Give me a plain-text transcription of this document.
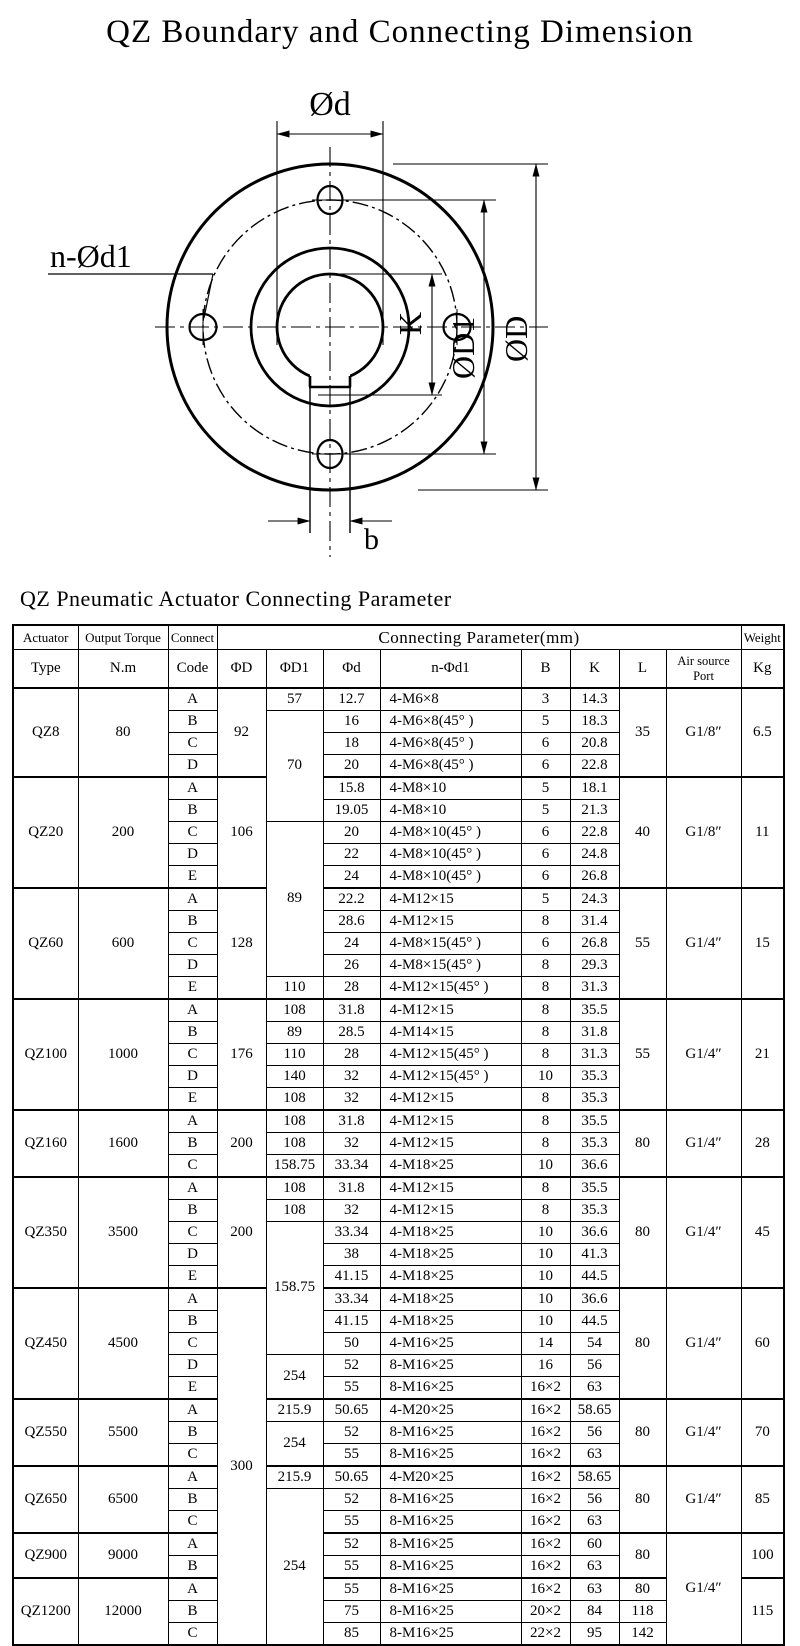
QZ Boundary and Connecting Dimension
Ød
K ØD1 ØD
n-Ød1
b
QZ Pneumatic Actuator Connecting Parameter
Actuator	Output Torque	Connect	Connecting Parameter(mm)								Weight
Type	N.m	Code	ΦD	ΦD1	Φd	n-Φd1	B	K	L	Air source Port	Kg
QZ8	80	A	92	57	12.7	4-M6×8	3	14.3	35	G1/8″	6.5
		B		70	16	4-M6×8(45° )	5	18.3			
		C			18	4-M6×8(45° )	6	20.8			
		D			20	4-M6×8(45° )	6	22.8			
QZ20	200	A	106		15.8	4-M8×10	5	18.1	40	G1/8″	11
		B			19.05	4-M8×10	5	21.3			
		C		89	20	4-M8×10(45° )	6	22.8			
		D			22	4-M8×10(45° )	6	24.8			
		E			24	4-M8×10(45° )	6	26.8			
QZ60	600	A	128		22.2	4-M12×15	5	24.3	55	G1/4″	15
		B			28.6	4-M12×15	8	31.4			
		C			24	4-M8×15(45° )	6	26.8			
		D			26	4-M8×15(45° )	8	29.3			
		E		110	28	4-M12×15(45° )	8	31.3			
QZ100	1000	A	176	108	31.8	4-M12×15	8	35.5	55	G1/4″	21
		B		89	28.5	4-M14×15	8	31.8			
		C		110	28	4-M12×15(45° )	8	31.3			
		D		140	32	4-M12×15(45° )	10	35.3			
		E		108	32	4-M12×15	8	35.3			
QZ160	1600	A	200	108	31.8	4-M12×15	8	35.5	80	G1/4″	28
		B		108	32	4-M12×15	8	35.3			
		C		158.75	33.34	4-M18×25	10	36.6			
QZ350	3500	A	200	108	31.8	4-M12×15	8	35.5	80	G1/4″	45
		B		108	32	4-M12×15	8	35.3			
		C		158.75	33.34	4-M18×25	10	36.6			
		D			38	4-M18×25	10	41.3			
		E			41.15	4-M18×25	10	44.5			
QZ450	4500	A	300		33.34	4-M18×25	10	36.6	80	G1/4″	60
		B			41.15	4-M18×25	10	44.5			
		C			50	4-M16×25	14	54			
		D		254	52	8-M16×25	16	56			
		E			55	8-M16×25	16×2	63			
QZ550	5500	A		215.9	50.65	4-M20×25	16×2	58.65	80	G1/4″	70
		B		254	52	8-M16×25	16×2	56			
		C			55	8-M16×25	16×2	63			
QZ650	6500	A		215.9	50.65	4-M20×25	16×2	58.65	80	G1/4″	85
		B		254	52	8-M16×25	16×2	56			
		C			55	8-M16×25	16×2	63			
QZ900	9000	A			52	8-M16×25	16×2	60	80	G1/4″	100
		B			55	8-M16×25	16×2	63			
QZ1200	12000	A			55	8-M16×25	16×2	63	80		115
		B			75	8-M16×25	20×2	84	118		
		C			85	8-M16×25	22×2	95	142		
